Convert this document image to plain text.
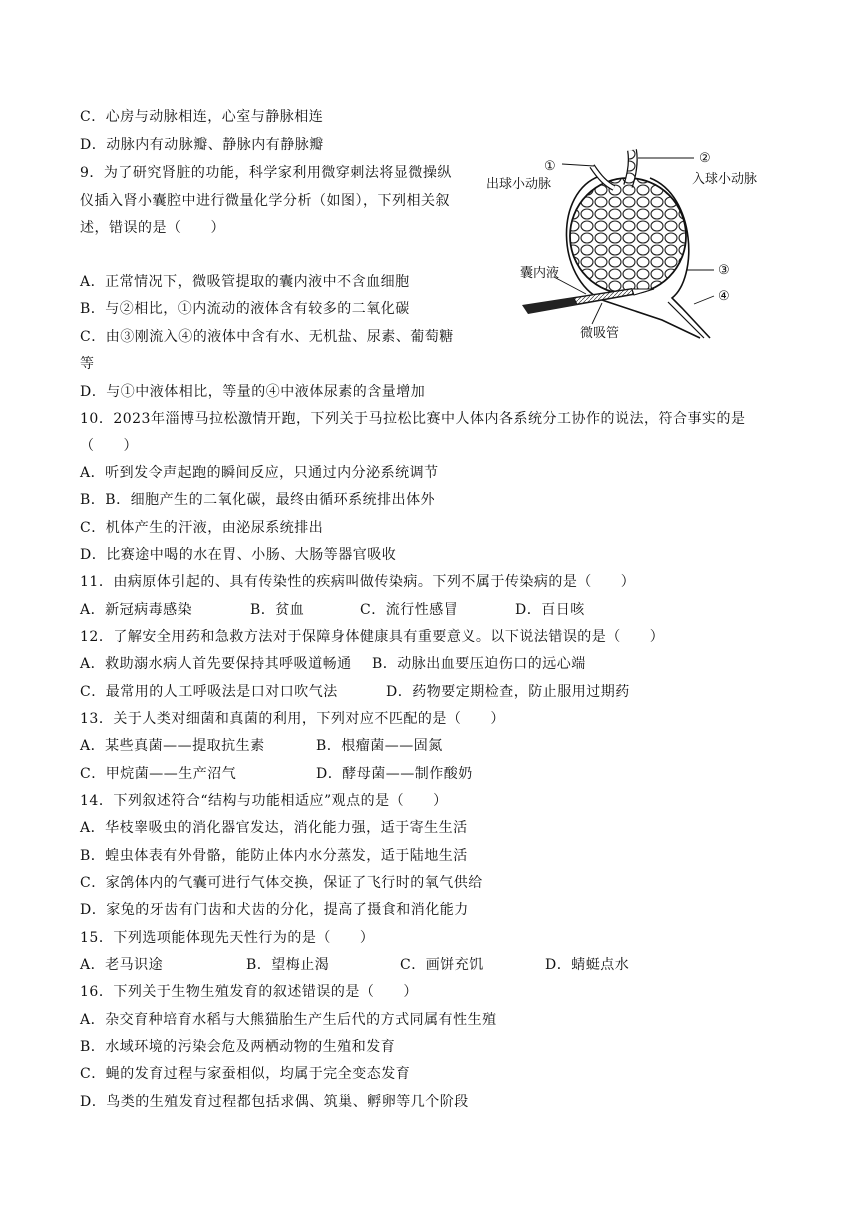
C．心房与动脉相连，心室与静脉相连
D．动脉内有动脉瓣、静脉内有静脉瓣
9．为了研究肾脏的功能，科学家利用微穿刺法将显微操纵
仪插入肾小囊腔中进行微量化学分析（如图），下列相关叙
述，错误的是（　　）
A．正常情况下，微吸管提取的囊内液中不含血细胞
B．与②相比，①内流动的液体含有较多的二氧化碳
C．由③刚流入④的液体中含有水、无机盐、尿素、葡萄糖
等
D．与①中液体相比，等量的④中液体尿素的含量增加
①
出球小动脉
②
入球小动脉
③
④
囊内液
微吸管
10．2023年淄博马拉松激情开跑，下列关于马拉松比赛中人体内各系统分工协作的说法，符合事实的是
（　　）
A．听到发令声起跑的瞬间反应，只通过内分泌系统调节
B．B．细胞产生的二氧化碳，最终由循环系统排出体外
C．机体产生的汗液，由泌尿系统排出
D．比赛途中喝的水在胃、小肠、大肠等器官吸收
11．由病原体引起的、具有传染性的疾病叫做传染病。下列不属于传染病的是（　　）
A．新冠病毒感染	B．贫血	C．流行性感冒	D．百日咳
12．了解安全用药和急救方法对于保障身体健康具有重要意义。以下说法错误的是（　　）
A．救助溺水病人首先要保持其呼吸道畅通 B．动脉出血要压迫伤口的远心端
C．最常用的人工呼吸法是口对口吹气法	D．药物要定期检查，防止服用过期药
13．关于人类对细菌和真菌的利用，下列对应不匹配的是（　　）
A．某些真菌——提取抗生素	B．根瘤菌——固氮
C．甲烷菌——生产沼气	D．酵母菌——制作酸奶
14．下列叙述符合“结构与功能相适应”观点的是（　　）
A．华枝睾吸虫的消化器官发达，消化能力强，适于寄生生活
B．蝗虫体表有外骨骼，能防止体内水分蒸发，适于陆地生活
C．家鸽体内的气囊可进行气体交换，保证了飞行时的氧气供给
D．家兔的牙齿有门齿和犬齿的分化，提高了摄食和消化能力
15．下列选项能体现先天性行为的是（　　）
A．老马识途	B．望梅止渴	C．画饼充饥	D．蜻蜓点水
16．下列关于生物生殖发育的叙述错误的是（　　）
A．杂交育种培育水稻与大熊猫胎生产生后代的方式同属有性生殖
B．水域环境的污染会危及两栖动物的生殖和发育
C．蝇的发育过程与家蚕相似，均属于完全变态发育
D．鸟类的生殖发育过程都包括求偶、筑巢、孵卵等几个阶段
